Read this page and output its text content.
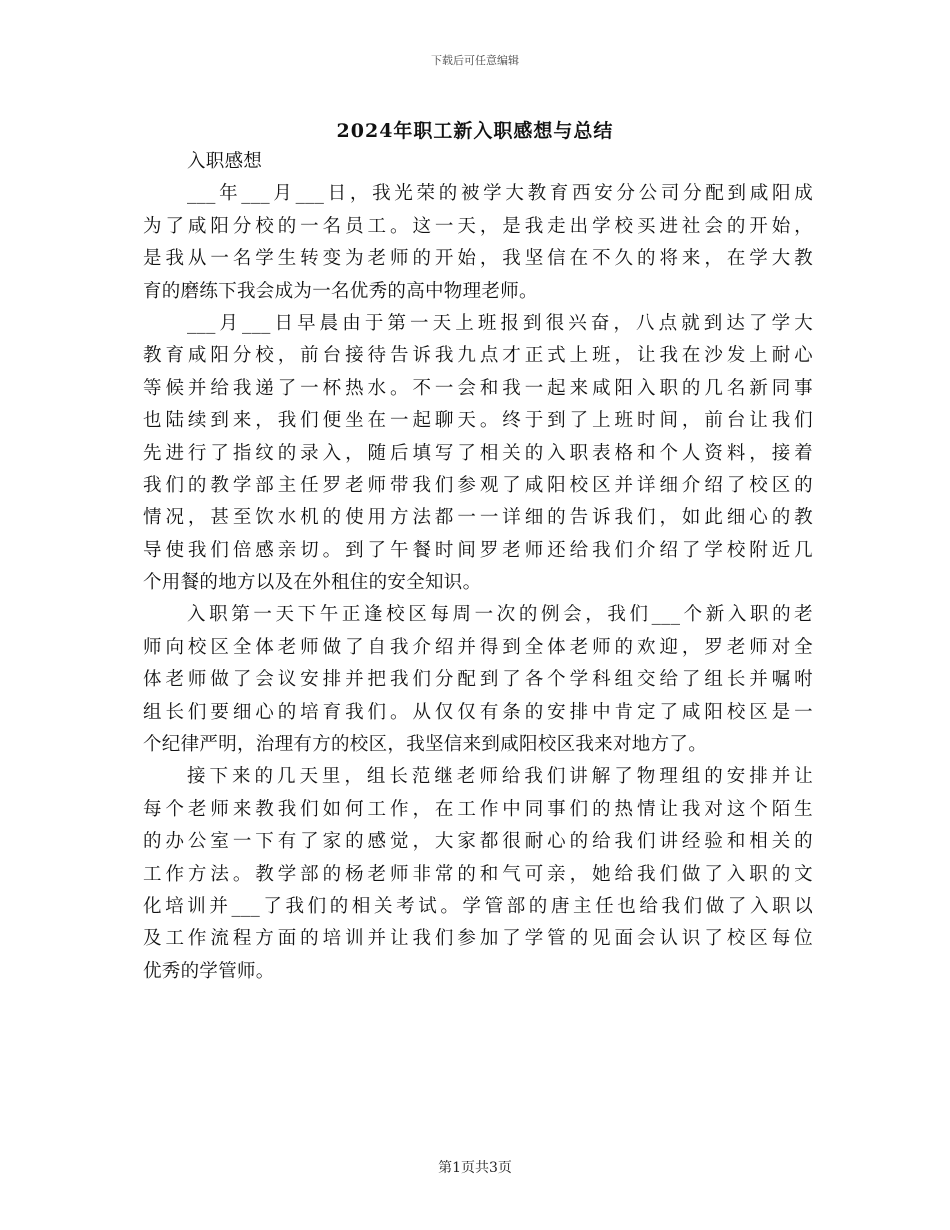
下载后可任意编辑
2024年职工新入职感想与总结
入职感想
___年___月___日，我光荣的被学大教育西安分公司分配到咸阳成
为了咸阳分校的一名员工。这一天，是我走出学校买进社会的开始，
是我从一名学生转变为老师的开始，我坚信在不久的将来，在学大教
育的磨练下我会成为一名优秀的高中物理老师。
___月___日早晨由于第一天上班报到很兴奋，八点就到达了学大
教育咸阳分校，前台接待告诉我九点才正式上班，让我在沙发上耐心
等候并给我递了一杯热水。不一会和我一起来咸阳入职的几名新同事
也陆续到来，我们便坐在一起聊天。终于到了上班时间，前台让我们
先进行了指纹的录入，随后填写了相关的入职表格和个人资料，接着
我们的教学部主任罗老师带我们参观了咸阳校区并详细介绍了校区的
情况，甚至饮水机的使用方法都一一详细的告诉我们，如此细心的教
导使我们倍感亲切。到了午餐时间罗老师还给我们介绍了学校附近几
个用餐的地方以及在外租住的安全知识。
入职第一天下午正逢校区每周一次的例会，我们___个新入职的老
师向校区全体老师做了自我介绍并得到全体老师的欢迎，罗老师对全
体老师做了会议安排并把我们分配到了各个学科组交给了组长并嘱咐
组长们要细心的培育我们。从仅仅有条的安排中肯定了咸阳校区是一
个纪律严明，治理有方的校区，我坚信来到咸阳校区我来对地方了。
接下来的几天里，组长范继老师给我们讲解了物理组的安排并让
每个老师来教我们如何工作，在工作中同事们的热情让我对这个陌生
的办公室一下有了家的感觉，大家都很耐心的给我们讲经验和相关的
工作方法。教学部的杨老师非常的和气可亲，她给我们做了入职的文
化培训并___了我们的相关考试。学管部的唐主任也给我们做了入职以
及工作流程方面的培训并让我们参加了学管的见面会认识了校区每位
优秀的学管师。
第1页共3页
